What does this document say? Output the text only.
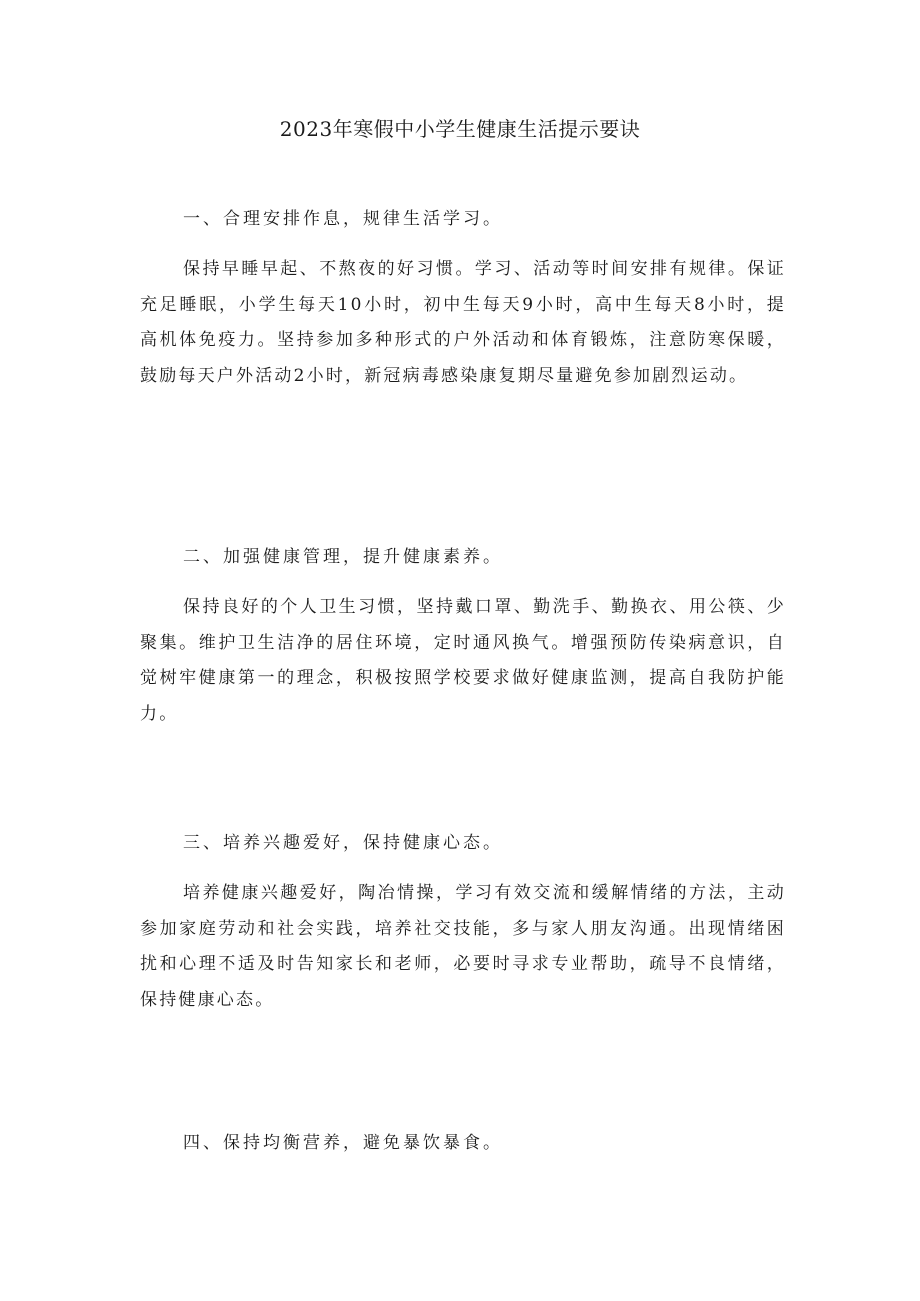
2023年寒假中小学生健康生活提示要诀
一、合理安排作息，规律生活学习。

保持早睡早起、不熬夜的好习惯。学习、活动等时间安排有规律。保证充足睡眠，小学生每天10小时，初中生每天9小时，高中生每天8小时，提高机体免疫力。坚持参加多种形式的户外活动和体育锻炼，注意防寒保暖，鼓励每天户外活动2小时，新冠病毒感染康复期尽量避免参加剧烈运动。

二、加强健康管理，提升健康素养。

保持良好的个人卫生习惯，坚持戴口罩、勤洗手、勤换衣、用公筷、少聚集。维护卫生洁净的居住环境，定时通风换气。增强预防传染病意识，自觉树牢健康第一的理念，积极按照学校要求做好健康监测，提高自我防护能力。

三、培养兴趣爱好，保持健康心态。

培养健康兴趣爱好，陶冶情操，学习有效交流和缓解情绪的方法，主动参加家庭劳动和社会实践，培养社交技能，多与家人朋友沟通。出现情绪困扰和心理不适及时告知家长和老师，必要时寻求专业帮助，疏导不良情绪，保持健康心态。

四、保持均衡营养，避免暴饮暴食。
